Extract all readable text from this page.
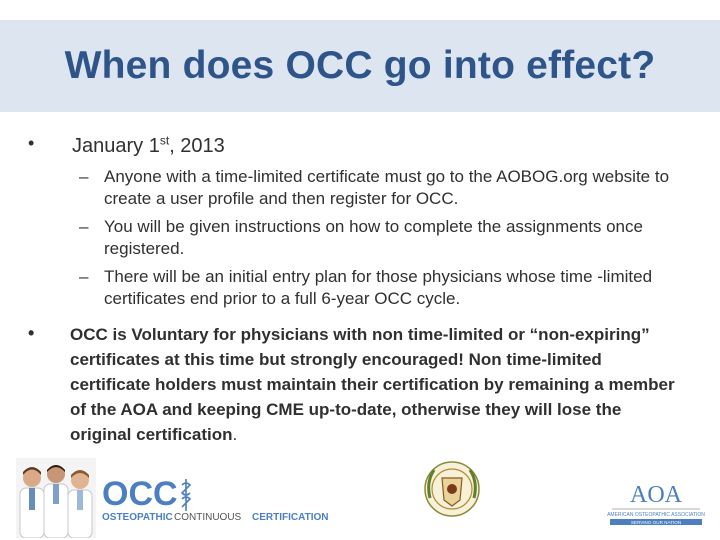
When does OCC go into effect?
• January 1st, 2013
– Anyone with a time-limited certificate must go to the AOBOG.org website to create a user profile and then register for OCC.
– You will be given instructions on how to complete the assignments once registered.
– There will be an initial entry plan for those physicians whose time -limited certificates end prior to a full 6-year OCC cycle.
•	OCC is Voluntary for physicians with non time-limited or “non-expiring” certificates at this time but strongly encouraged! Non time-limited certificate holders must maintain their certification by remaining a member of the AOA and keeping CME up-to-date, otherwise they will lose the original certification.
OCC
OSTEOPATHIC CONTINUOUS CERTIFICATION
AOA
AMERICAN OSTEOPATHIC ASSOCIATION
SERVING OUR NATION
